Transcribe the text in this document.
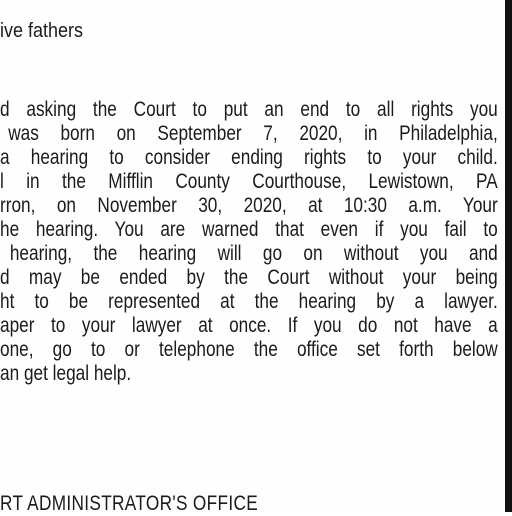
ive fathers
d asking the Court to put an end to all rights you
was born on September 7, 2020, in Philadelphia,
a hearing to consider ending rights to your child.
l in the Mifflin County Courthouse, Lewistown, PA
rron, on November 30, 2020, at 10:30 a.m. Your
he hearing. You are warned that even if you fail to
hearing, the hearing will go on without you and
d may be ended by the Court without your being
ht to be represented at the hearing by a lawyer.
aper to your lawyer at once. If you do not have a
one, go to or telephone the office set forth below
an get legal help.
RT ADMINISTRATOR'S OFFICE
